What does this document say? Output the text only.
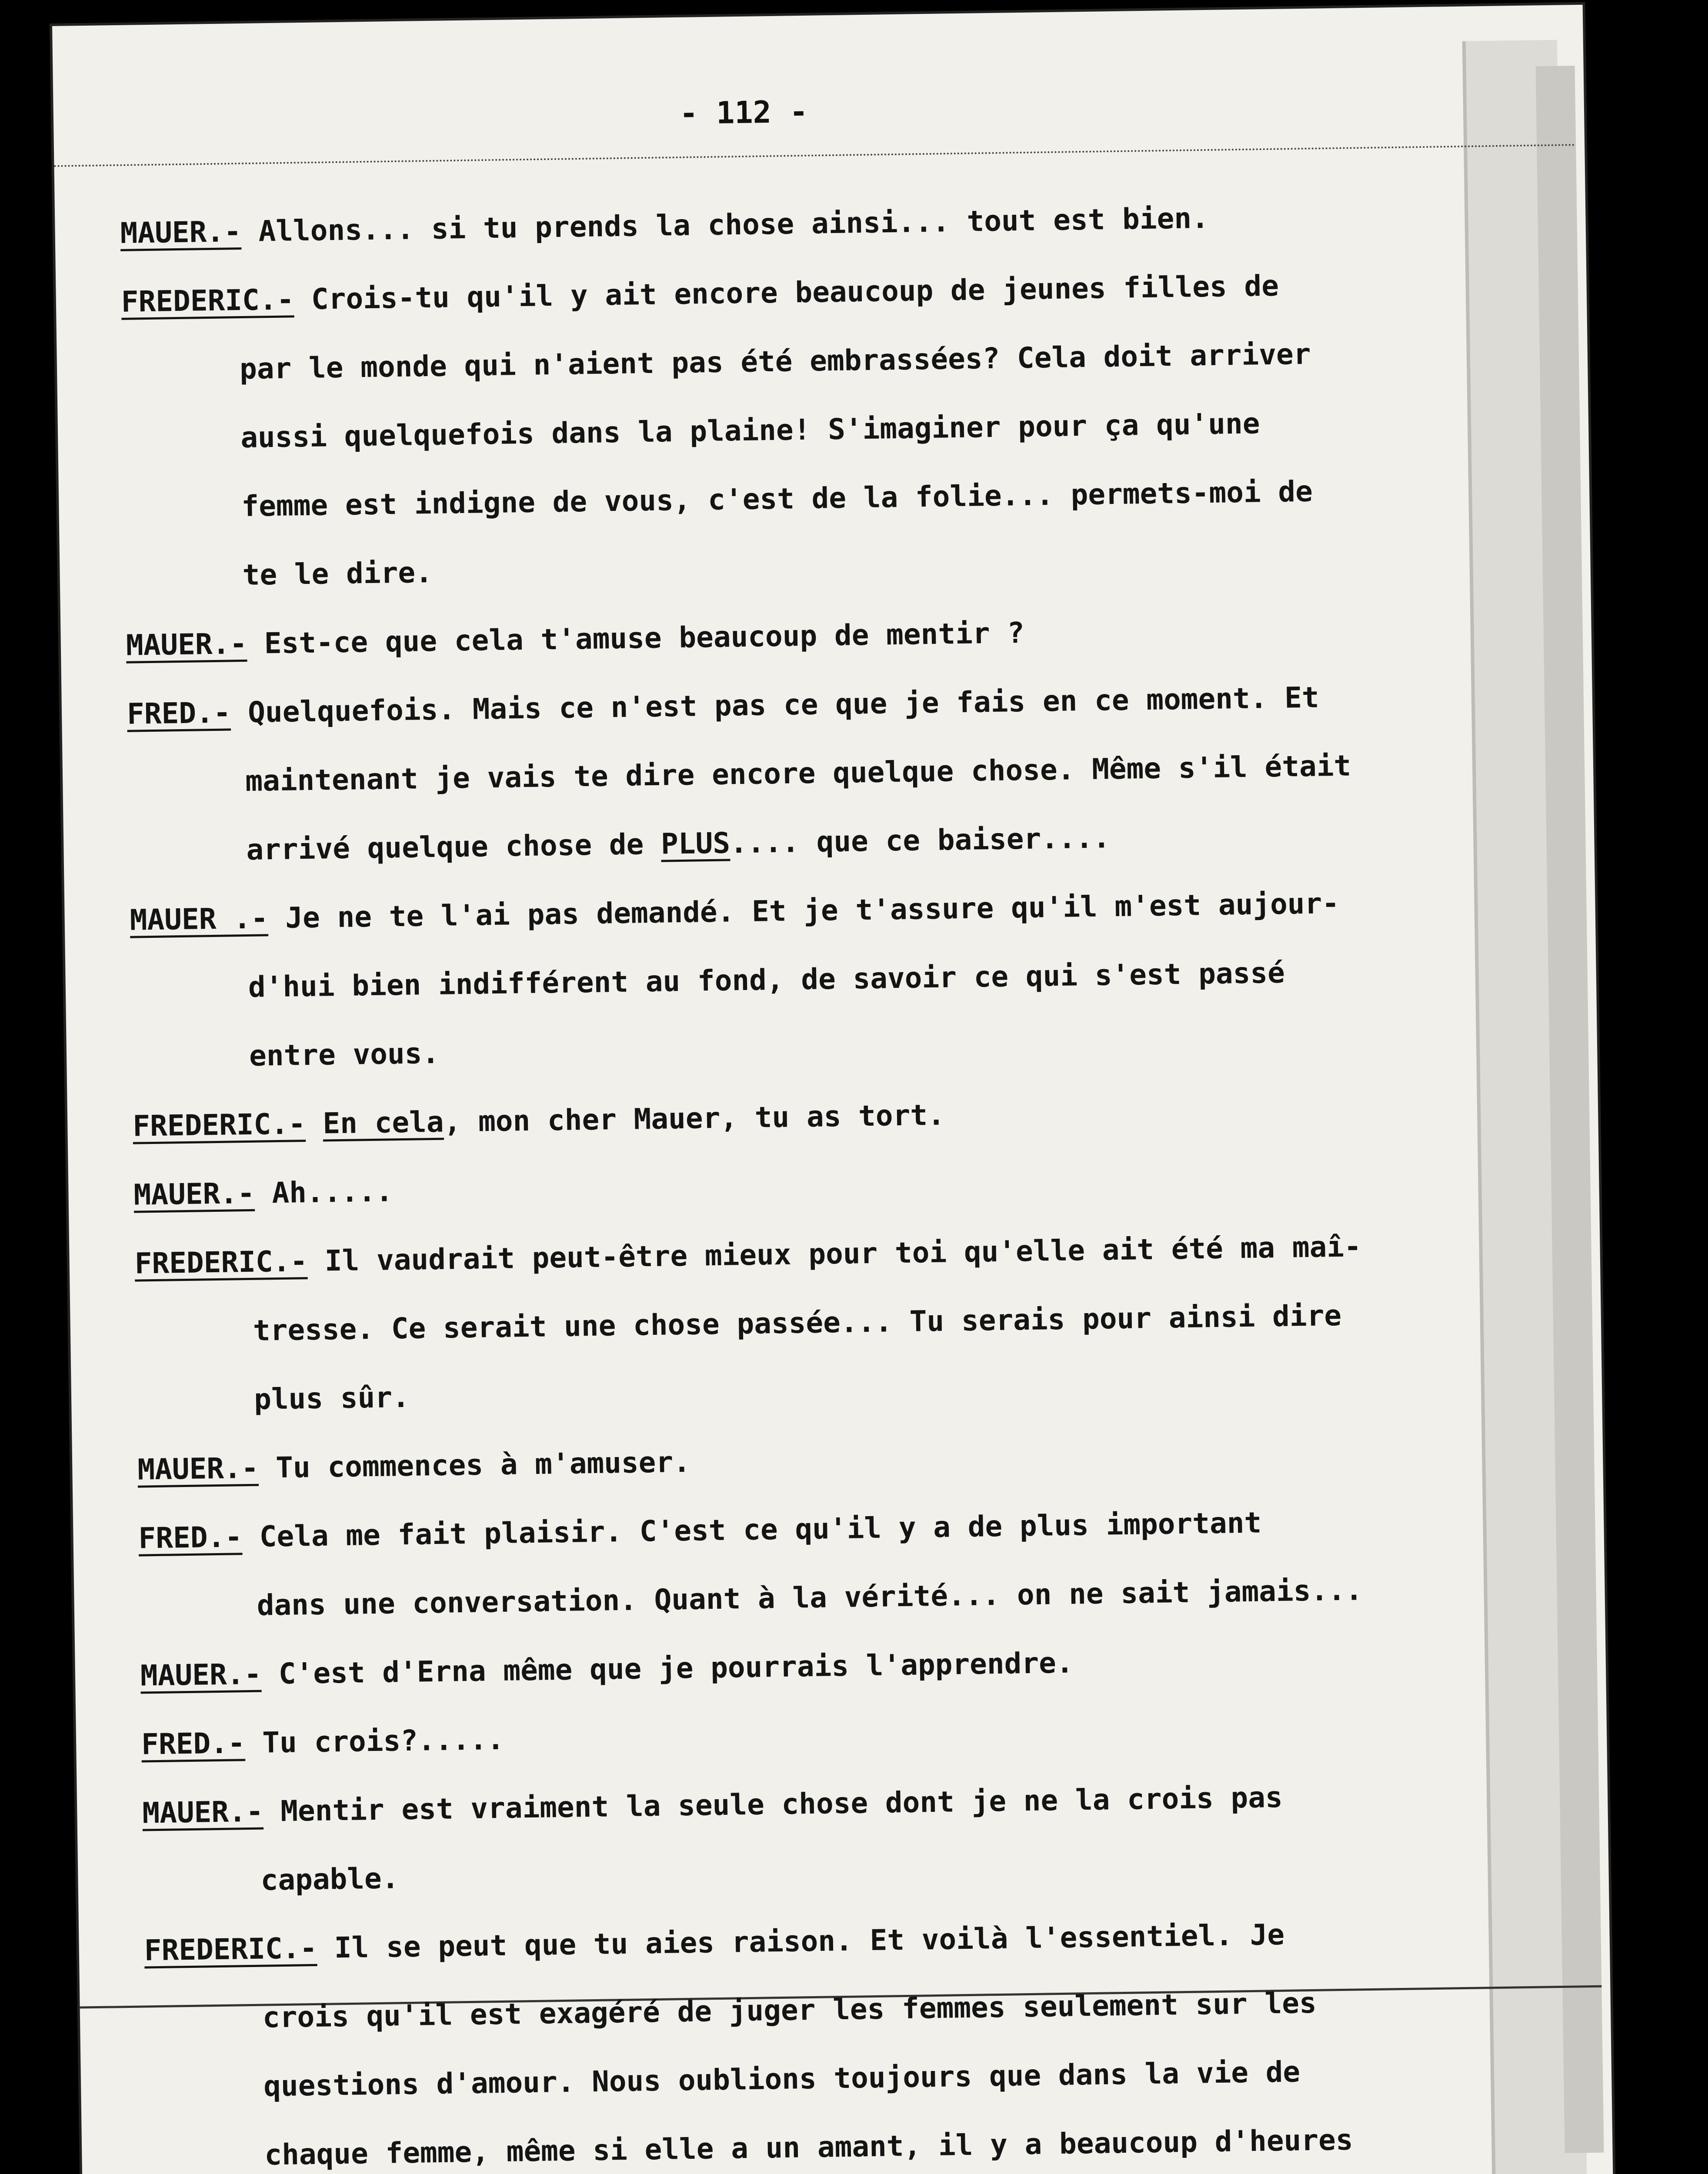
- 112 -
MAUER.- Allons... si tu prends la chose ainsi... tout est bien.
FREDERIC.- Crois-tu qu'il y ait encore beaucoup de jeunes filles de
par le monde qui n'aient pas été embrassées? Cela doit arriver
aussi quelquefois dans la plaine! S'imaginer pour ça qu'une
femme est indigne de vous, c'est de la folie... permets-moi de
te le dire.
MAUER.- Est-ce que cela t'amuse beaucoup de mentir ?
FRED.- Quelquefois. Mais ce n'est pas ce que je fais en ce moment. Et
maintenant je vais te dire encore quelque chose. Même s'il était
arrivé quelque chose de PLUS.... que ce baiser....
MAUER .- Je ne te l'ai pas demandé. Et je t'assure qu'il m'est aujour-
d'hui bien indifférent au fond, de savoir ce qui s'est passé
entre vous.
FREDERIC.- En cela, mon cher Mauer, tu as tort.
MAUER.- Ah.....
FREDERIC.- Il vaudrait peut-être mieux pour toi qu'elle ait été ma maî-
tresse. Ce serait une chose passée... Tu serais pour ainsi dire
plus sûr.
MAUER.- Tu commences à m'amuser.
FRED.- Cela me fait plaisir. C'est ce qu'il y a de plus important
dans une conversation. Quant à la vérité... on ne sait jamais...
MAUER.- C'est d'Erna même que je pourrais l'apprendre.
FRED.- Tu crois?.....
MAUER.- Mentir est vraiment la seule chose dont je ne la crois pas
capable.
FREDERIC.- Il se peut que tu aies raison. Et voilà l'essentiel. Je
crois qu'il est exagéré de juger les femmes seulement sur les
questions d'amour. Nous oublions toujours que dans la vie de
chaque femme, même si elle a un amant, il y a beaucoup d'heures
